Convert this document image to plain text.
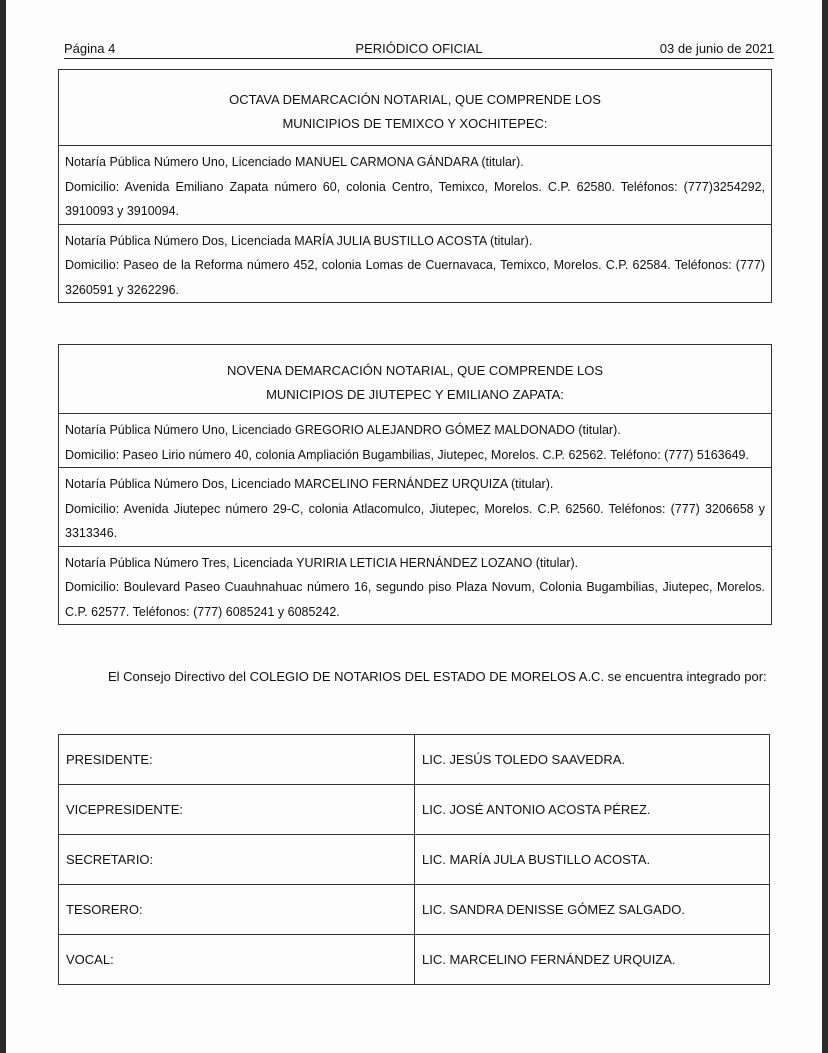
Página 4	PERIÓDICO OFICIAL	03 de junio de 2021
OCTAVA DEMARCACIÓN NOTARIAL, QUE COMPRENDE LOS
MUNICIPIOS DE TEMIXCO Y XOCHITEPEC:

Notaría Pública Número Uno, Licenciado MANUEL CARMONA GÁNDARA (titular).

Domicilio: Avenida Emiliano Zapata número 60, colonia Centro, Temixco, Morelos. C.P. 62580. Teléfonos: (777)3254292, 3910093 y 3910094.

Notaría Pública Número Dos, Licenciada MARÍA JULIA BUSTILLO ACOSTA (titular).

Domicilio: Paseo de la Reforma número 452, colonia Lomas de Cuernavaca, Temixco, Morelos. C.P. 62584. Teléfonos: (777) 3260591 y 3262296.

NOVENA DEMARCACIÓN NOTARIAL, QUE COMPRENDE LOS
MUNICIPIOS DE JIUTEPEC Y EMILIANO ZAPATA:

Notaría Pública Número Uno, Licenciado GREGORIO ALEJANDRO GÓMEZ MALDONADO (titular).

Domicilio: Paseo Lirio número 40, colonia Ampliación Bugambilias, Jiutepec, Morelos. C.P. 62562. Teléfono: (777) 5163649.

Notaría Pública Número Dos, Licenciado MARCELINO FERNÁNDEZ URQUIZA (titular).

Domicilio: Avenida Jiutepec número 29-C, colonia Atlacomulco, Jiutepec, Morelos. C.P. 62560. Teléfonos: (777) 3206658 y 3313346.

Notaría Pública Número Tres, Licenciada YURIRIA LETICIA HERNÁNDEZ LOZANO (titular).

Domicilio: Boulevard Paseo Cuauhnahuac número 16, segundo piso Plaza Novum, Colonia Bugambilias, Jiutepec, Morelos. C.P. 62577. Teléfonos: (777) 6085241 y 6085242.

El Consejo Directivo del COLEGIO DE NOTARIOS DEL ESTADO DE MORELOS A.C. se encuentra integrado por:
PRESIDENTE:	LIC. JESÚS TOLEDO SAAVEDRA.
VICEPRESIDENTE:	LIC. JOSÉ ANTONIO ACOSTA PÉREZ.
SECRETARIO:	LIC. MARÍA JULA BUSTILLO ACOSTA.
TESORERO:	LIC. SANDRA DENISSE GÓMEZ SALGADO.
VOCAL:	LIC. MARCELINO FERNÁNDEZ URQUIZA.
